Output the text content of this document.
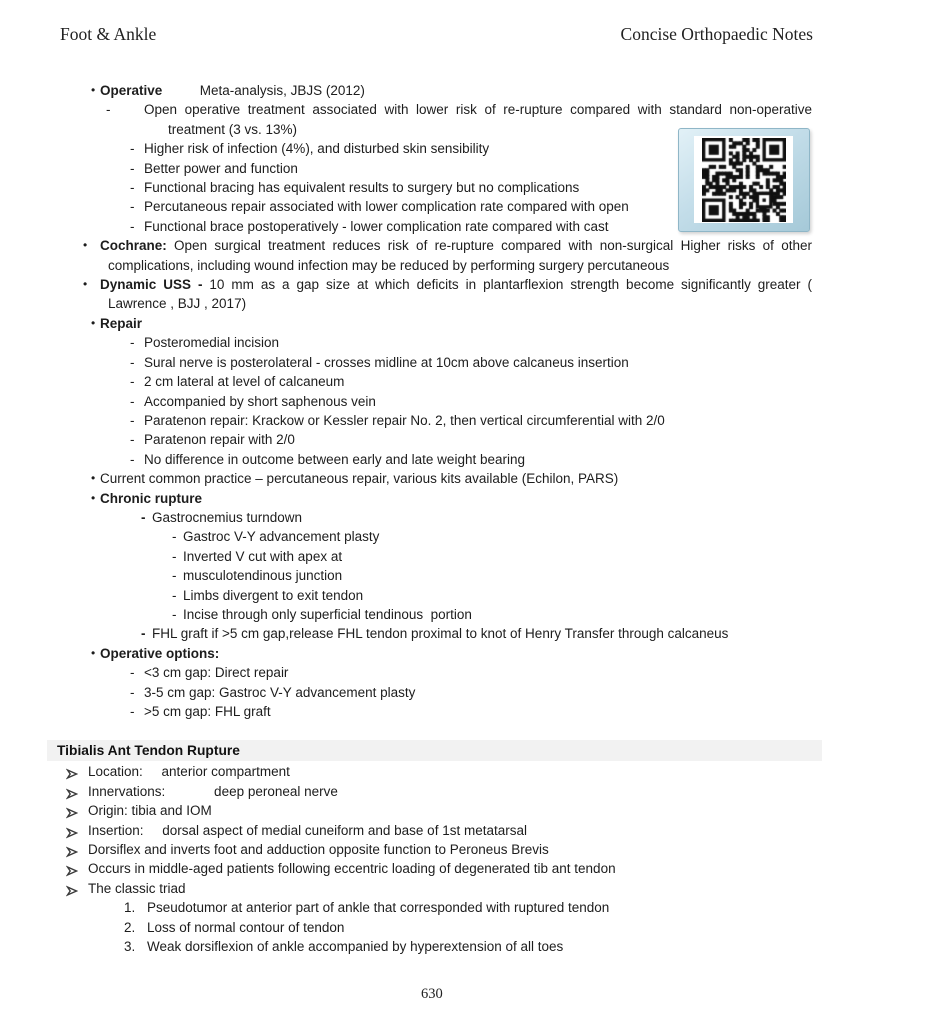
Foot & Ankle	Concise Orthopaedic Notes
• Operative          Meta-analysis, JBJS (2012)
-	Open operative treatment associated with lower risk of re-rupture compared with standard non-operative treatment (3 vs. 13%)
- Higher risk of infection (4%), and disturbed skin sensibility
- Better power and function
- Functional bracing has equivalent results to surgery but no complications
- Percutaneous repair associated with lower complication rate compared with open
- Functional brace postoperatively - lower complication rate compared with cast
• Cochrane: Open surgical treatment reduces risk of re-rupture compared with non-surgical Higher risks of other complications, including wound infection may be reduced by performing surgery percutaneous
• Dynamic USS - 10 mm as a gap size at which deficits in plantarflexion strength become significantly greater ( Lawrence , BJJ , 2017)
• Repair
- Posteromedial incision
- Sural nerve is posterolateral - crosses midline at 10cm above calcaneus insertion
- 2 cm lateral at level of calcaneum
- Accompanied by short saphenous vein
- Paratenon repair: Krackow or Kessler repair No. 2, then vertical circumferential with 2/0
- Paratenon repair with 2/0
- No difference in outcome between early and late weight bearing
• Current common practice – percutaneous repair, various kits available (Echilon, PARS)
• Chronic rupture
- Gastrocnemius turndown
- Gastroc V-Y advancement plasty
- Inverted V cut with apex at
- musculotendinous junction
- Limbs divergent to exit tendon
- Incise through only superficial tendinous  portion
- FHL graft if >5 cm gap,release FHL tendon proximal to knot of Henry Transfer through calcaneus
• Operative options:
- <3 cm gap: Direct repair
- 3-5 cm gap: Gastroc V-Y advancement plasty
- >5 cm gap: FHL graft
Tibialis Ant Tendon Rupture
Location:     anterior compartment
Innervations:             deep peroneal nerve
Origin: tibia and IOM
Insertion:     dorsal aspect of medial cuneiform and base of 1st metatarsal
Dorsiflex and inverts foot and adduction opposite function to Peroneus Brevis
Occurs in middle-aged patients following eccentric loading of degenerated tib ant tendon
The classic triad
1. Pseudotumor at anterior part of ankle that corresponded with ruptured tendon
2. Loss of normal contour of tendon
3. Weak dorsiflexion of ankle accompanied by hyperextension of all toes
630
